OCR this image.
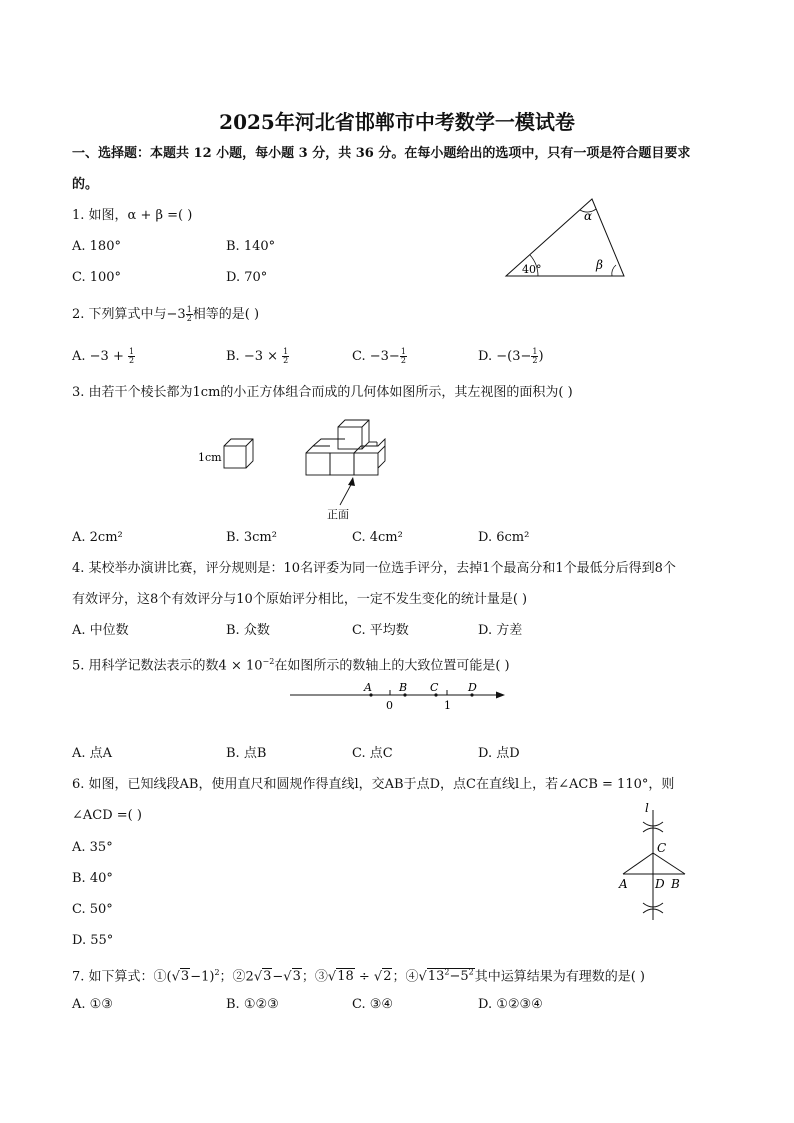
2025年河北省邯郸市中考数学一模试卷
一、选择题：本题共 12 小题，每小题 3 分，共 36 分。在每小题给出的选项中，只有一项是符合题目要求
的。
1. 如图，α + β =( )
A. 180°	B. 140°
C. 100°	D. 70°
α
β
40°
2. 下列算式中与$-3 \frac{1}{2}$ 相等的是( )
A. $-3 + \frac{1}{2}$	B. $-3 \times \frac{1}{2}$	C. $-3- \frac{1}{2}$	D. $-(3- \frac{1}{2}$ )
3. 由若干个棱长都为1cm的小正方体组合而成的几何体如图所示，其左视图的面积为( )
1cm
正面
A. 2cm²	B. 3cm²	C. 4cm²	D. 6cm²
4. 某校举办演讲比赛，评分规则是：10名评委为同一位选手评分，去掉1个最高分和1个最低分后得到8个
有效评分，这8个有效评分与10个原始评分相比，一定不发生变化的统计量是( )
A. 中位数	B. 众数	C. 平均数	D. 方差
5. 用科学记数法表示的数$4 \times 10^{-2}$在如图所示的数轴上的大致位置可能是( )
A B C	D
0	1
A. 点A	B. 点B	C. 点C	D. 点D
6. 如图，已知线段AB，使用直尺和圆规作得直线l，交AB于点D，点C在直线l上，若∠ACB = 110°，则
∠ACD =( )
A. 35°
B. 40°
C. 50°
D. 55°
l
C
A D B
7. 如下算式：$①(√3-1)^2$；②2√3−√3；③√18 ÷ √2；$④√13^2-5^2$其中运算结果为有理数的是( )
A. ①③	B. ①②③	C. ③④	D. ①②③④
